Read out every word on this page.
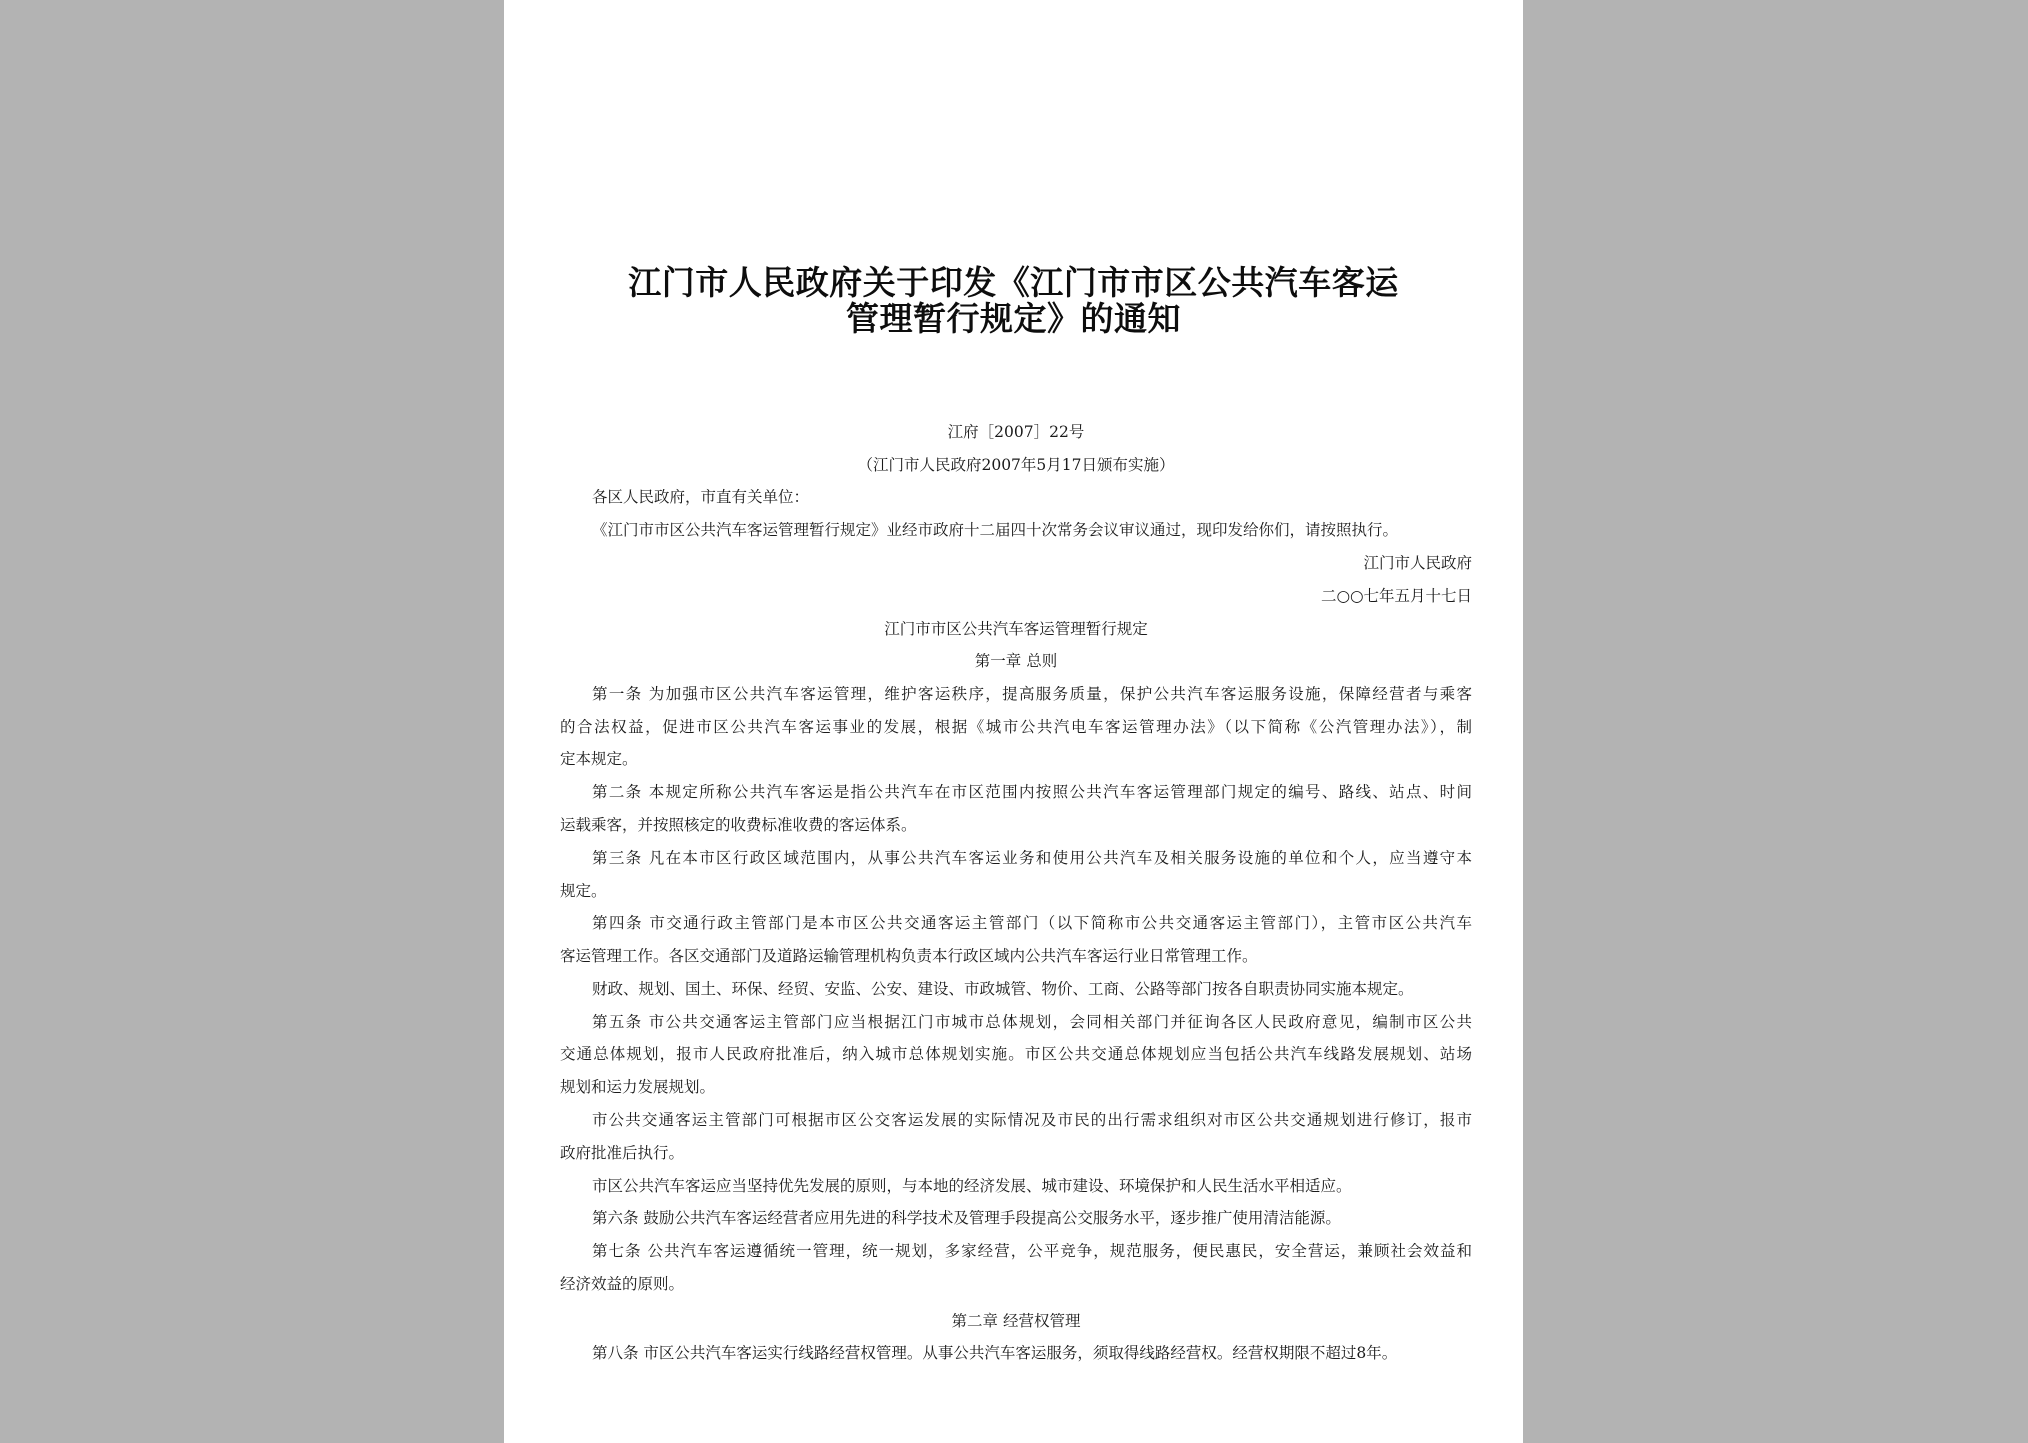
江门市人民政府关于印发《江门市市区公共汽车客运
管理暂行规定》的通知
江府［2007］22号
（江门市人民政府2007年5月17日颁布实施）
各区人民政府，市直有关单位：
《江门市市区公共汽车客运管理暂行规定》业经市政府十二届四十次常务会议审议通过，现印发给你们，请按照执行。
江门市人民政府
二○○七年五月十七日
江门市市区公共汽车客运管理暂行规定
第一章 总则
第一条 为加强市区公共汽车客运管理，维护客运秩序，提高服务质量，保护公共汽车客运服务设施，保障经营者与乘客
的合法权益，促进市区公共汽车客运事业的发展，根据《城市公共汽电车客运管理办法》（以下简称《公汽管理办法》），制
定本规定。
第二条 本规定所称公共汽车客运是指公共汽车在市区范围内按照公共汽车客运管理部门规定的编号、路线、站点、时间
运载乘客，并按照核定的收费标准收费的客运体系。
第三条 凡在本市区行政区域范围内，从事公共汽车客运业务和使用公共汽车及相关服务设施的单位和个人，应当遵守本
规定。
第四条 市交通行政主管部门是本市区公共交通客运主管部门（以下简称市公共交通客运主管部门），主管市区公共汽车
客运管理工作。各区交通部门及道路运输管理机构负责本行政区域内公共汽车客运行业日常管理工作。
财政、规划、国土、环保、经贸、安监、公安、建设、市政城管、物价、工商、公路等部门按各自职责协同实施本规定。
第五条 市公共交通客运主管部门应当根据江门市城市总体规划，会同相关部门并征询各区人民政府意见，编制市区公共
交通总体规划，报市人民政府批准后，纳入城市总体规划实施。市区公共交通总体规划应当包括公共汽车线路发展规划、站场
规划和运力发展规划。
市公共交通客运主管部门可根据市区公交客运发展的实际情况及市民的出行需求组织对市区公共交通规划进行修订，报市
政府批准后执行。
市区公共汽车客运应当坚持优先发展的原则，与本地的经济发展、城市建设、环境保护和人民生活水平相适应。
第六条 鼓励公共汽车客运经营者应用先进的科学技术及管理手段提高公交服务水平，逐步推广使用清洁能源。
第七条 公共汽车客运遵循统一管理，统一规划，多家经营，公平竞争，规范服务，便民惠民，安全营运，兼顾社会效益和
经济效益的原则。
第二章 经营权管理
第八条 市区公共汽车客运实行线路经营权管理。从事公共汽车客运服务，须取得线路经营权。经营权期限不超过8年。
